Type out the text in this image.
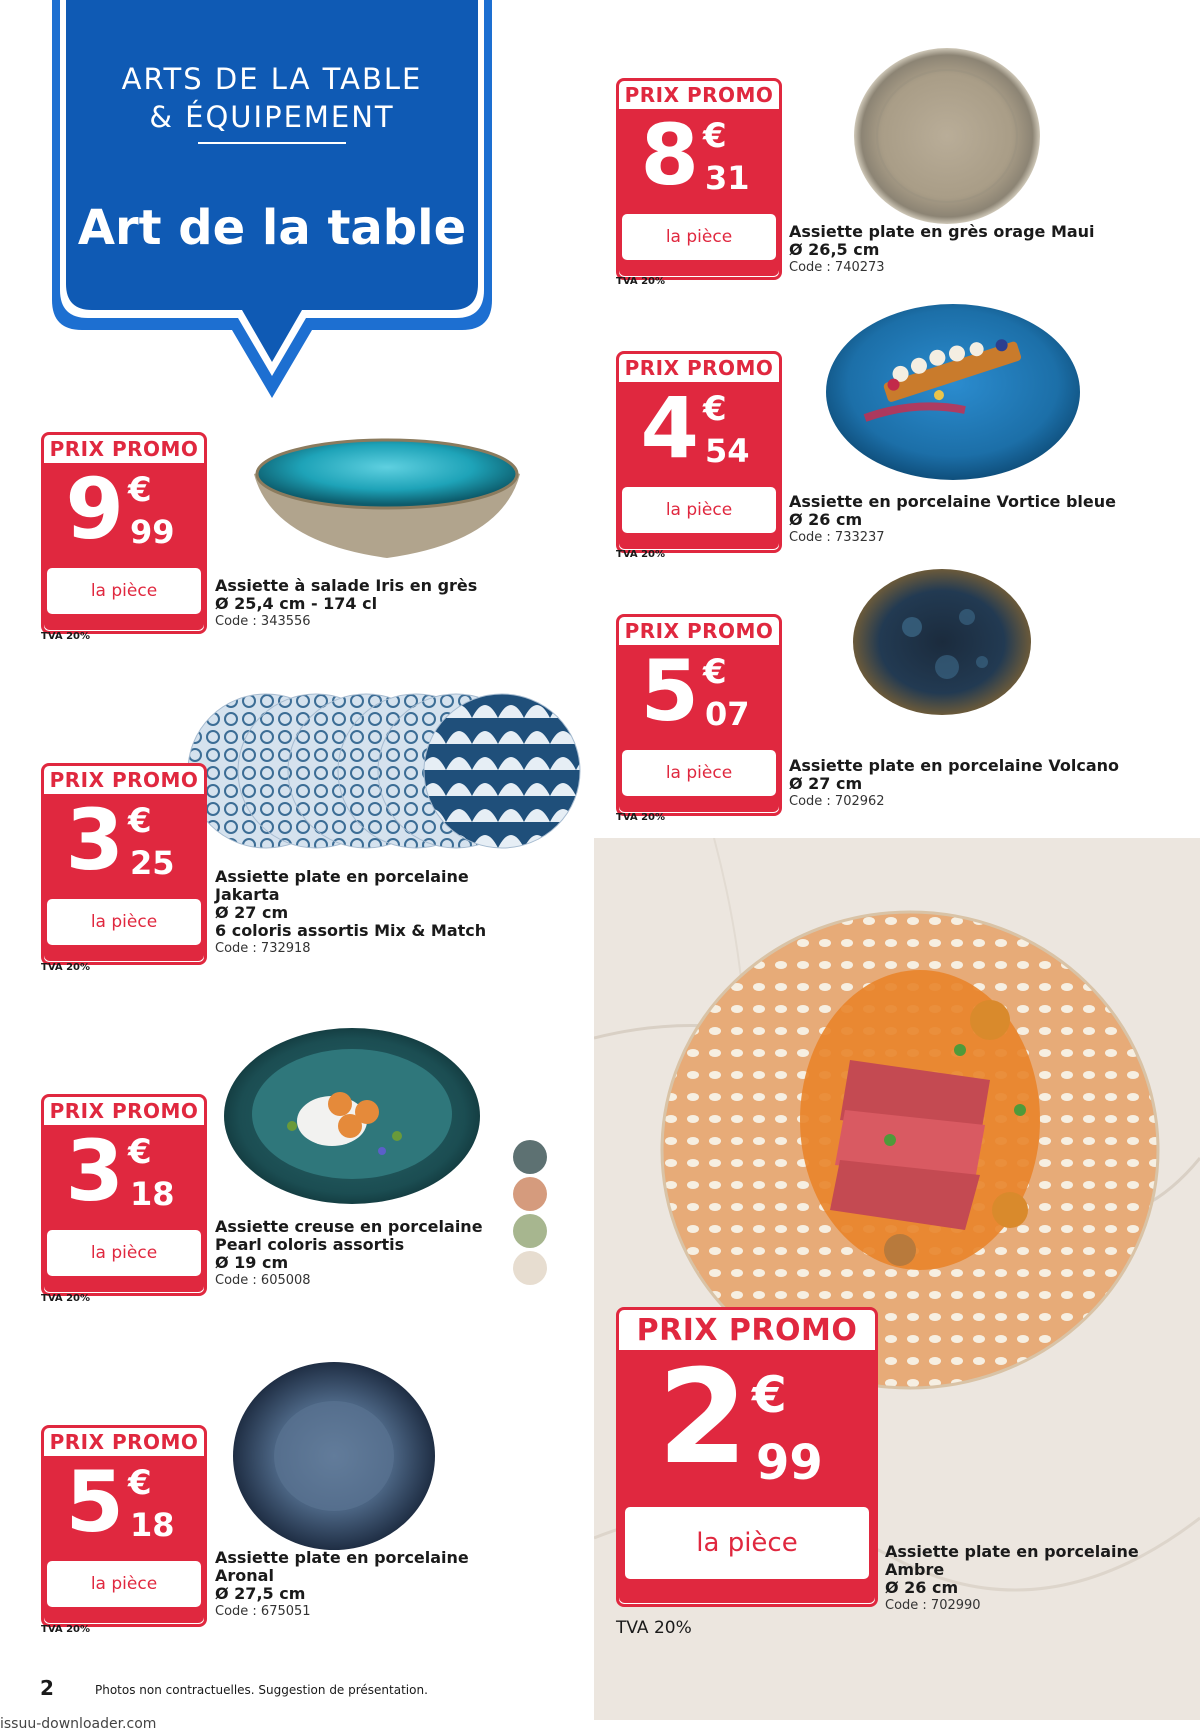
ARTS DE LA TABLE
& ÉQUIPEMENT
Art de la table
PRIX PROMO
8 €
31
la pièce
TVA 20%
Assiette plate en grès orage Maui
Ø 26,5 cm
Code : 740273
PRIX PROMO
4 €
54
la pièce
TVA 20%
Assiette en porcelaine Vortice bleue
Ø 26 cm
Code : 733237
PRIX PROMO
9 €
99
la pièce
TVA 20%
Assiette à salade Iris en grès
Ø 25,4 cm - 174 cl
Code : 343556	PRIX PROMO
5 €
07
la pièce
TVA 20%
Assiette plate en porcelaine Volcano
Ø 27 cm
Code : 702962
PRIX PROMO
3 €
25
la pièce
TVA 20%
Assiette plate en porcelaine
Jakarta
Ø 27 cm
6 coloris assortis Mix & Match
Code : 732918
PRIX PROMO
3 €
18
la pièce
TVA 20%
Assiette creuse en porcelaine
Pearl coloris assortis
Ø 19 cm
Code : 605008
PRIX PROMO
5 €
18
la pièce
TVA 20%
Assiette plate en porcelaine
Aronal
Ø 27,5 cm
Code : 675051
PRIX PROMO
2 €
99
la pièce
TVA 20%
Assiette plate en porcelaine
Ambre
Ø 26 cm
Code : 702990
2	Photos non contractuelles. Suggestion de présentation.
issuu-downloader.com
